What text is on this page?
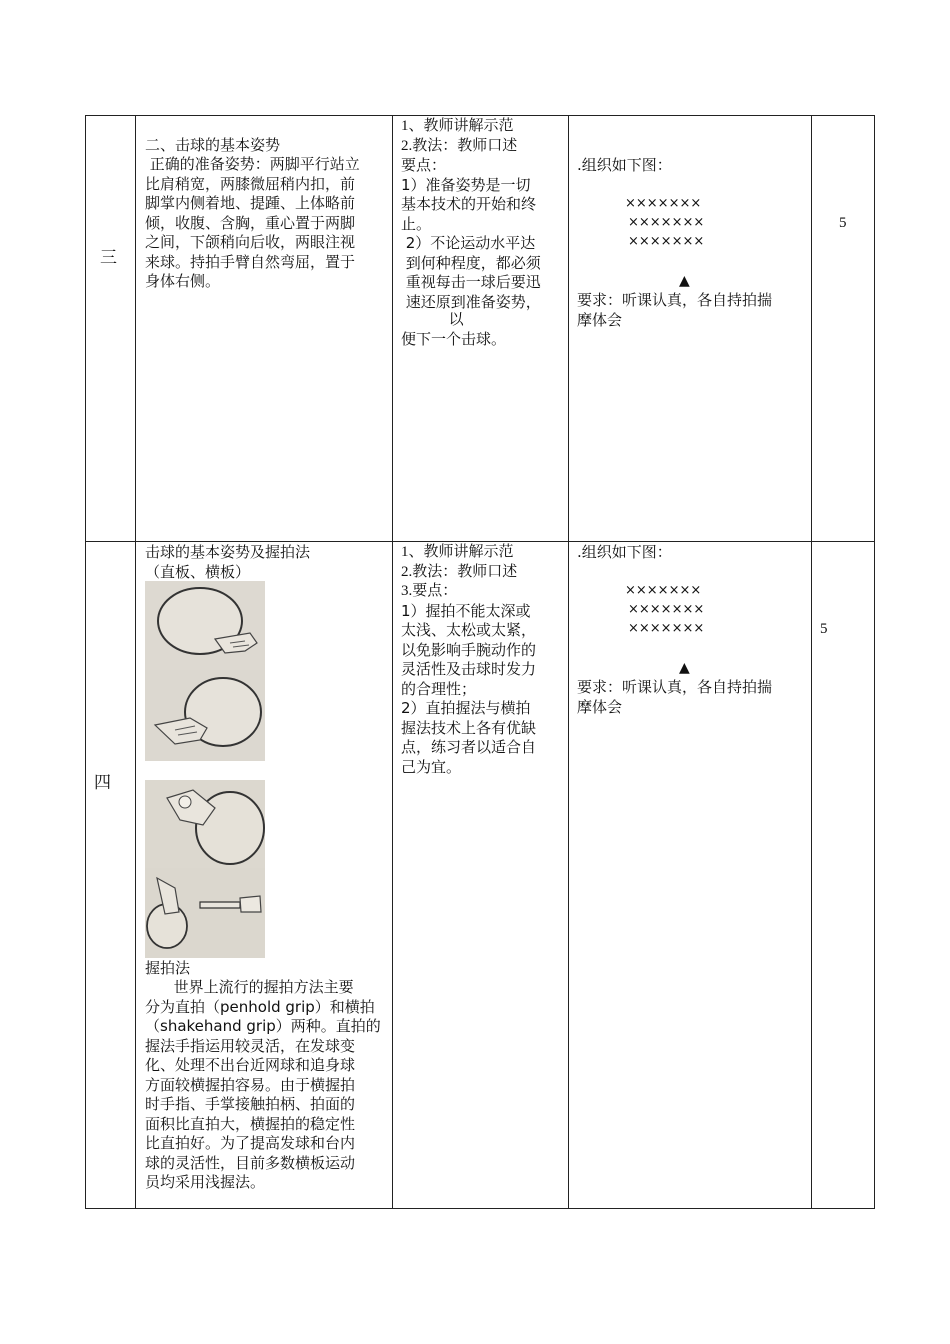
三
二、击球的基本姿势
正确的准备姿势：两脚平行站立
比肩稍宽，两膝微屈稍内扣，前
脚掌内侧着地、提踵、上体略前
倾，收腹、含胸，重心置于两脚
之间，下颌稍向后收，两眼注视
来球。持拍手臂自然弯屈，置于
身体右侧。
1、教师讲解示范
2.教法：教师口述
要点：
1）准备姿势是一切
基本技术的开始和终
止。
2）不论运动水平达
到何种程度，都必须
重视每击一球后要迅
速还原到准备姿势，
以
便下一个击球。
.组织如下图：
×××××××
×××××××
×××××××
▲
要求：听课认真，各自持拍揣
摩体会
5
四
击球的基本姿势及握拍法
（直板、横板）
握拍法
世界上流行的握拍方法主要
分为直拍（penhold grip）和横拍
（shakehand grip）两种。直拍的
握法手指运用较灵活，在发球变
化、处理不出台近网球和追身球
方面较横握拍容易。由于横握拍
时手指、手掌接触拍柄、拍面的
面积比直拍大，横握拍的稳定性
比直拍好。为了提高发球和台内
球的灵活性，目前多数横板运动
员均采用浅握法。
1、教师讲解示范
2.教法：教师口述
3.要点：
1）握拍不能太深或
太浅、太松或太紧，
以免影响手腕动作的
灵活性及击球时发力
的合理性；
2）直拍握法与横拍
握法技术上各有优缺
点，练习者以适合自
己为宜。
.组织如下图：
×××××××
×××××××
×××××××
▲
要求：听课认真，各自持拍揣
摩体会
5
